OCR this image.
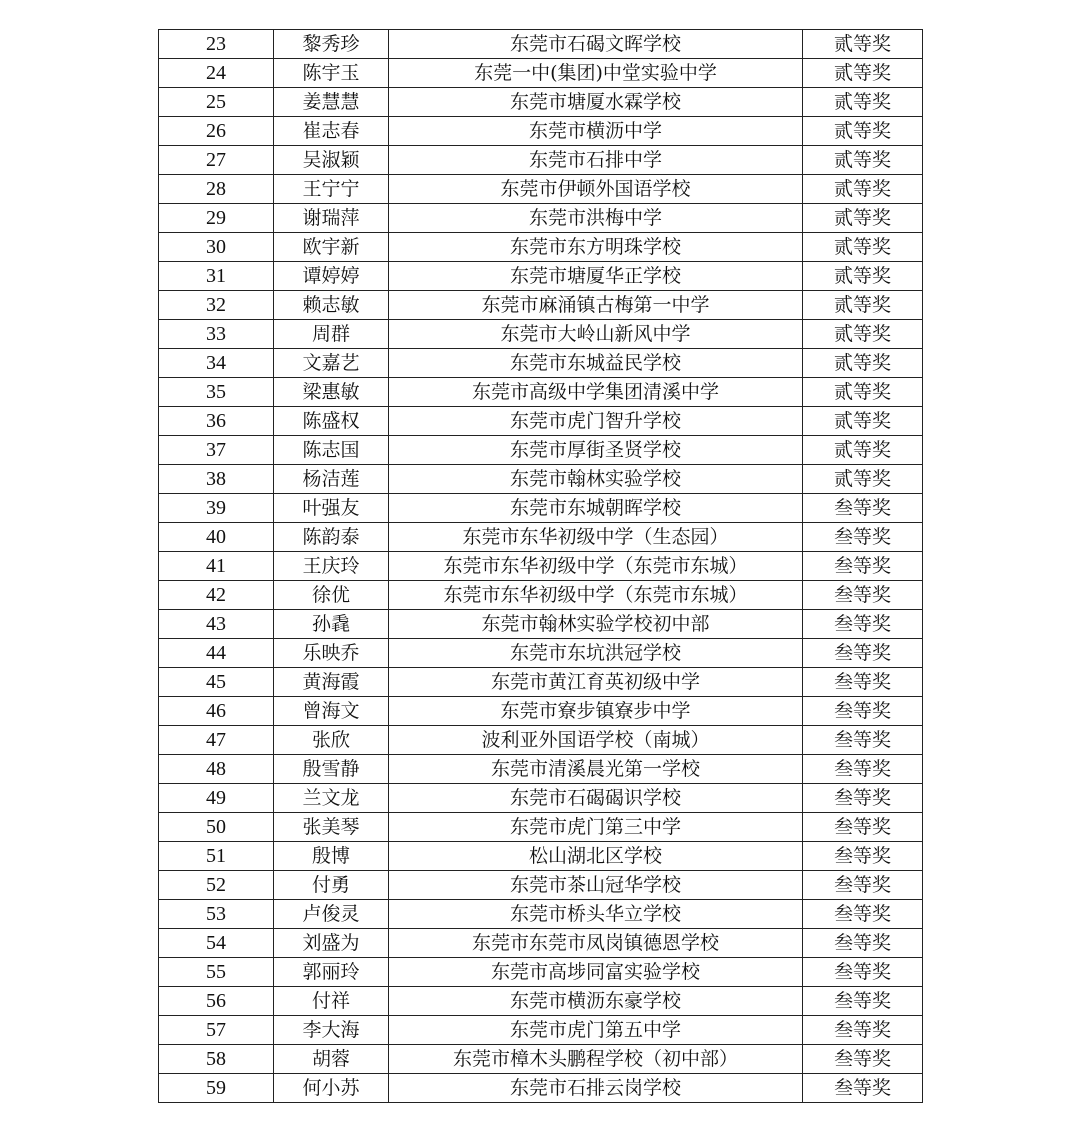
23	黎秀珍	东莞市石碣文晖学校	贰等奖
24	陈宇玉	东莞一中(集团)中堂实验中学	贰等奖
25	姜慧慧	东莞市塘厦水霖学校	贰等奖
26	崔志春	东莞市横沥中学	贰等奖
27	吴淑颖	东莞市石排中学	贰等奖
28	王宁宁	东莞市伊顿外国语学校	贰等奖
29	谢瑞萍	东莞市洪梅中学	贰等奖
30	欧宇新	东莞市东方明珠学校	贰等奖
31	谭婷婷	东莞市塘厦华正学校	贰等奖
32	赖志敏	东莞市麻涌镇古梅第一中学	贰等奖
33	周群	东莞市大岭山新风中学	贰等奖
34	文嘉艺	东莞市东城益民学校	贰等奖
35	梁惠敏	东莞市高级中学集团清溪中学	贰等奖
36	陈盛权	东莞市虎门智升学校	贰等奖
37	陈志国	东莞市厚街圣贤学校	贰等奖
38	杨洁莲	东莞市翰林实验学校	贰等奖
39	叶强友	东莞市东城朝晖学校	叁等奖
40	陈韵泰	东莞市东华初级中学（生态园）	叁等奖
41	王庆玲	东莞市东华初级中学（东莞市东城）	叁等奖
42	徐优	东莞市东华初级中学（东莞市东城）	叁等奖
43	孙毳	东莞市翰林实验学校初中部	叁等奖
44	乐映乔	东莞市东坑洪冠学校	叁等奖
45	黄海霞	东莞市黄江育英初级中学	叁等奖
46	曾海文	东莞市寮步镇寮步中学	叁等奖
47	张欣	波利亚外国语学校（南城）	叁等奖
48	殷雪静	东莞市清溪晨光第一学校	叁等奖
49	兰文龙	东莞市石碣碣识学校	叁等奖
50	张美琴	东莞市虎门第三中学	叁等奖
51	殷博	松山湖北区学校	叁等奖
52	付勇	东莞市茶山冠华学校	叁等奖
53	卢俊灵	东莞市桥头华立学校	叁等奖
54	刘盛为	东莞市东莞市凤岗镇德恩学校	叁等奖
55	郭丽玲	东莞市高埗同富实验学校	叁等奖
56	付祥	东莞市横沥东豪学校	叁等奖
57	李大海	东莞市虎门第五中学	叁等奖
58	胡蓉	东莞市樟木头鹏程学校（初中部）	叁等奖
59	何小苏	东莞市石排云岗学校	叁等奖
